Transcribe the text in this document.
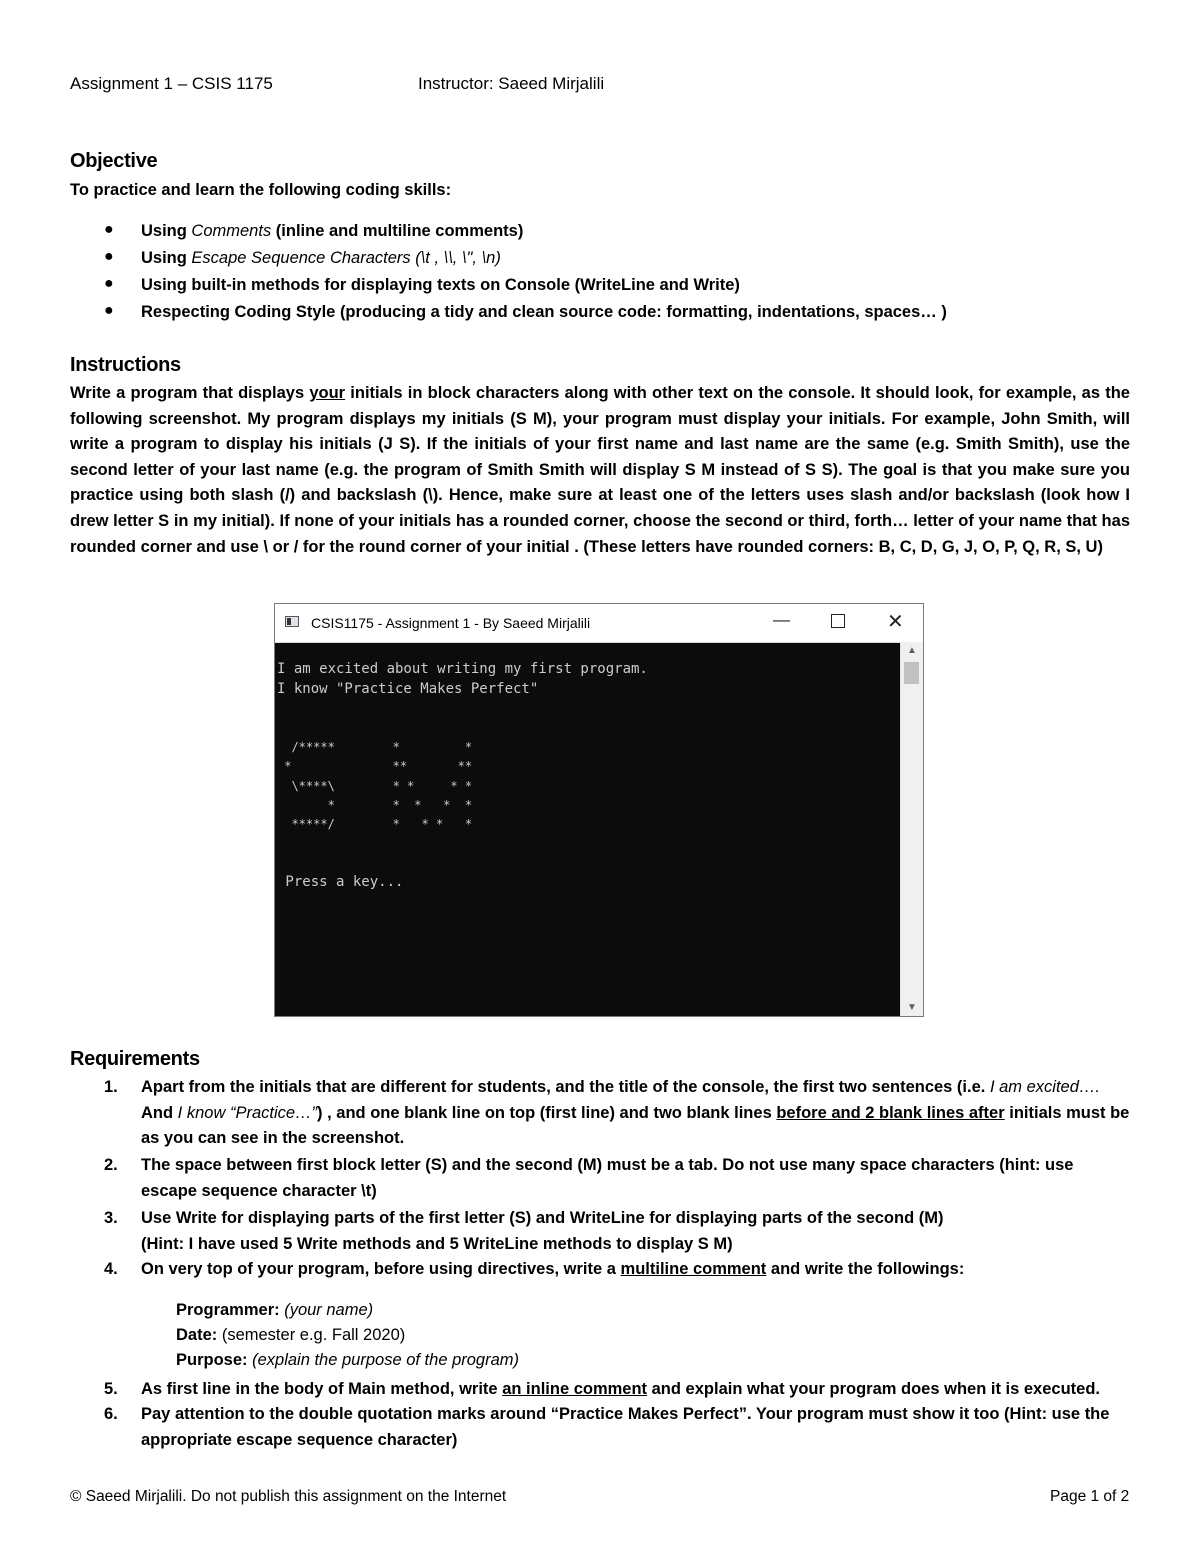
Assignment 1 – CSIS 1175	Instructor: Saeed Mirjalili
Objective
To practice and learn the following coding skills:
● Using Comments (inline and multiline comments)
● Using Escape Sequence Characters (\t , \\, \", \n)
● Using built-in methods for displaying texts on Console (WriteLine and Write)
● Respecting Coding Style (producing a tidy and clean source code: formatting, indentations, spaces… )
Instructions
Write a program that displays your initials in block characters along with other text on the console. It should look, for example, as the following screenshot. My program displays my initials (S M), your program must display your initials. For example, John Smith, will write a program to display his initials (J S). If the initials of your first name and last name are the same (e.g. Smith Smith), use the second letter of your last name (e.g. the program of Smith Smith will display S M instead of S S). The goal is that you make sure you practice using both slash (/) and backslash (\). Hence, make sure at least one of the letters uses slash and/or backslash (look how I drew letter S in my initial). If none of your initials has a rounded corner, choose the second or third, forth… letter of your name that has rounded corner and use \ or / for the round corner of your initial . (These letters have rounded corners: B, C, D, G, J, O, P, Q, R, S, U)
CSIS1175 - Assignment 1 - By Saeed Mirjalili	—	✕
I am excited about writing my first program.
I know "Practice Makes Perfect"

/*****        *         *
*              **       **
\****\        * *     * *
*        *  *   *  *
*****/        *   * *   *

Press a key...
▲
▼
Requirements
1. Apart from the initials that are different for students, and the title of the console, the first two sentences (i.e. I am excited…. And I know “Practice…”) , and one blank line on top (first line) and two blank lines before and 2 blank lines after initials must be as you can see in the screenshot.
2. The space between first block letter (S) and the second (M) must be a tab. Do not use many space characters (hint: use escape sequence character \t)
3. Use Write for displaying parts of the first letter (S) and WriteLine for displaying parts of the second (M)
(Hint: I have used 5 Write methods and 5 WriteLine methods to display S M)
4. On very top of your program, before using directives, write a multiline comment and write the followings:
Programmer: (your name)
Date: (semester e.g. Fall 2020)
Purpose: (explain the purpose of the program)
5. As first line in the body of Main method, write an inline comment and explain what your program does when it is executed.
6. Pay attention to the double quotation marks around “Practice Makes Perfect”. Your program must show it too (Hint: use the appropriate escape sequence character)
© Saeed Mirjalili. Do not publish this assignment on the Internet	Page 1 of 2
